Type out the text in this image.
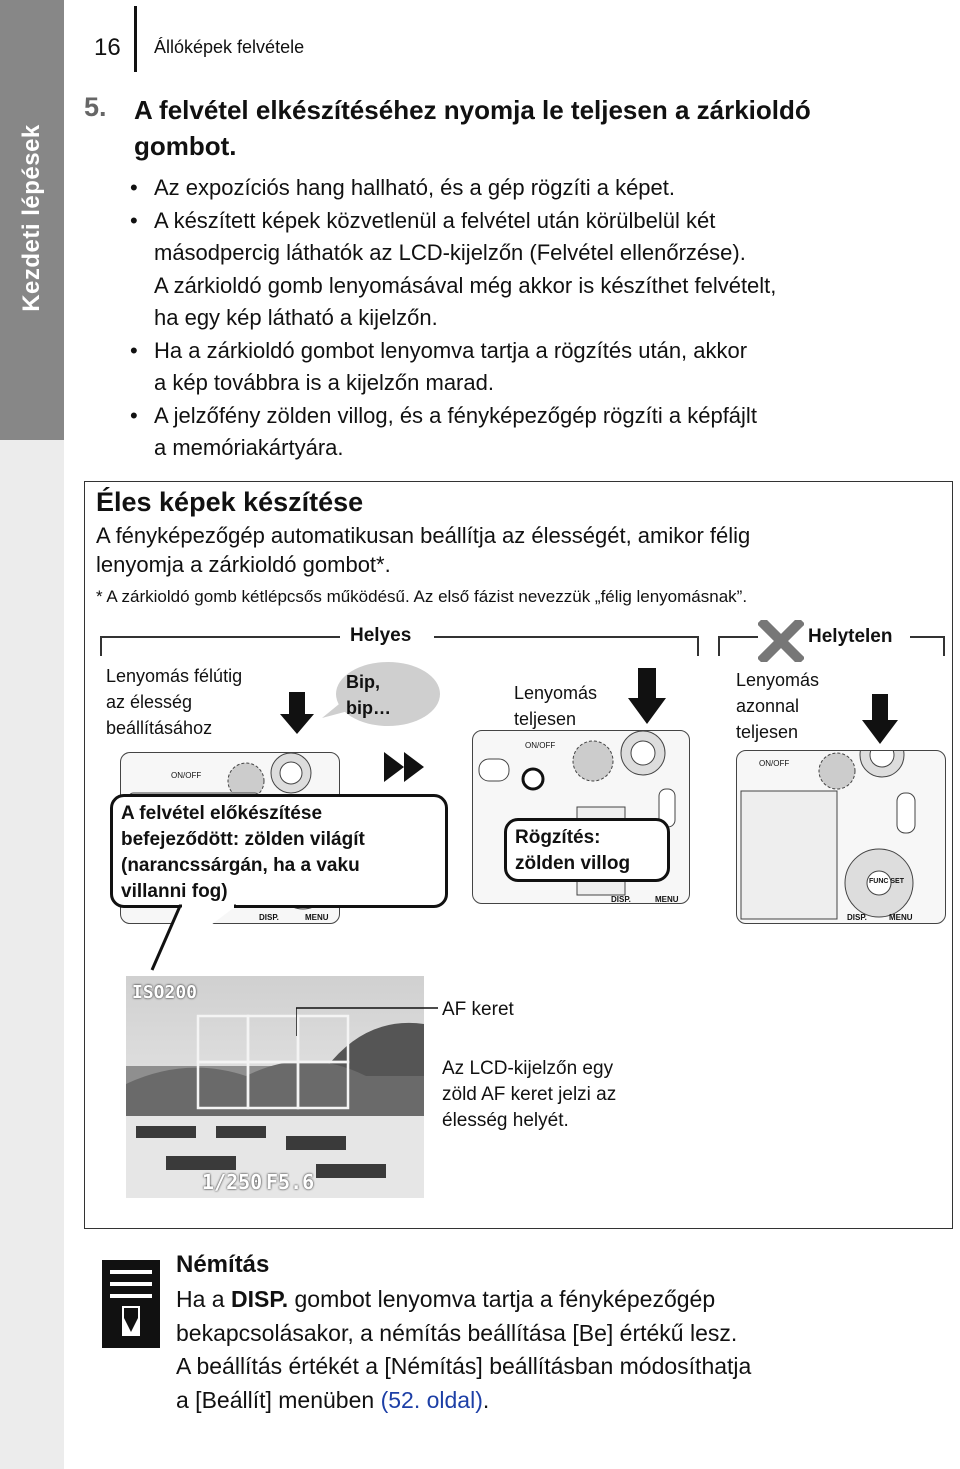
Kezdeti lépések
16 Állóképek felvétele
5. A felvétel elkészítéséhez nyomja le teljesen a zárkioldó
gombot.
• Az expozíciós hang hallható, és a gép rögzíti a képet.
• A készített képek közvetlenül a felvétel után körülbelül két
másodpercig láthatók az LCD-kijelzőn (Felvétel ellenőrzése).
A zárkioldó gomb lenyomásával még akkor is készíthet felvételt,
ha egy kép látható a kijelzőn.
• Ha a zárkioldó gombot lenyomva tartja a rögzítés után, akkor
a kép továbbra is a kijelzőn marad.
• A jelzőfény zölden villog, és a fényképezőgép rögzíti a képfájlt
a memóriakártyára.
Éles képek készítése
A fényképezőgép automatikusan beállítja az élességét, amikor félig
lenyomja a zárkioldó gombot*.
* A zárkioldó gomb kétlépcsős működésű. Az első fázist nevezzük „félig lenyomásnak”.
Helyes	Helytelen
Lenyomás félútig
az élesség
beállításához
Bip,
bip…
Lenyomás
teljesen
Lenyomás
azonnal
teljesen
ON/OFF
DISP.	MENU
ON/OFF
DISP.	MENU
ON/OFF
FUNC SET
DISP.	MENU
A felvétel előkészítése
befejeződött: zölden világít
(narancssárgán, ha a vaku
villanni fog)
Rögzítés:
zölden villog
ISO200
1/250 F5.6
AF keret
Az LCD-kijelzőn egy
zöld AF keret jelzi az
élesség helyét.
Némítás
Ha a DISP. gombot lenyomva tartja a fényképezőgép
bekapcsolásakor, a némítás beállítása [Be] értékű lesz.
A beállítás értékét a [Némítás] beállításban módosíthatja
a [Beállít] menüben (52. oldal).
